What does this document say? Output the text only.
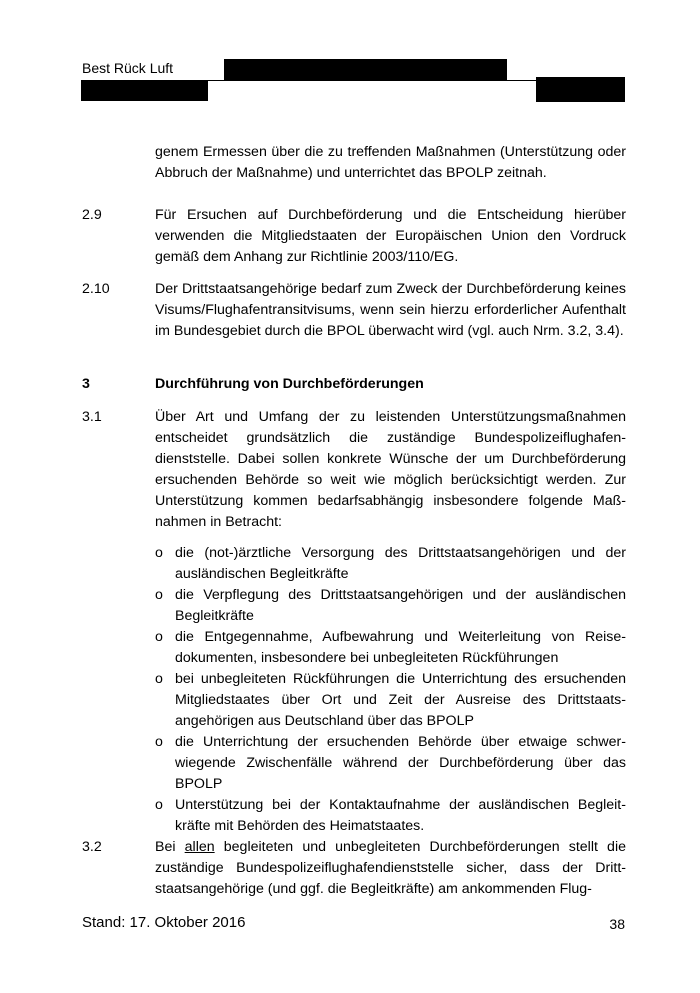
Best Rück Luft
genem Ermessen über die zu treffenden Maßnahmen (Unterstützung oder Abbruch der Maßnahme) und unterrichtet das BPOLP zeitnah.
2.9	Für Ersuchen auf Durchbeförderung und die Entscheidung hierüber verwenden die Mitgliedstaaten der Europäischen Union den Vordruck gemäß dem Anhang zur Richtlinie 2003/110/EG.
2.10	Der Drittstaatsangehörige bedarf zum Zweck der Durchbeförderung keines Visums/Flughafentransitvisums, wenn sein hierzu erforderlicher Aufenthalt im Bundesgebiet durch die BPOL überwacht wird (vgl. auch Nrm. 3.2, 3.4).
3	Durchführung von Durchbeförderungen
3.1	Über Art und Umfang der zu leistenden Unterstützungsmaßnahmen entscheidet grundsätzlich die zuständige Bundespolizeiflughafendienststelle. Dabei sollen konkrete Wünsche der um Durchbeförderung ersuchenden Behörde so weit wie möglich berücksichtigt werden. Zur Unterstützung kommen bedarfsabhängig insbesondere folgende Maßnahmen in Betracht:
o die (not-)ärztliche Versorgung des Drittstaatsangehörigen und der ausländischen Begleitkräfte
o die Verpflegung des Drittstaatsangehörigen und der ausländischen Begleitkräfte
o die Entgegennahme, Aufbewahrung und Weiterleitung von Reisedokumenten, insbesondere bei unbegleiteten Rückführungen
o bei unbegleiteten Rückführungen die Unterrichtung des ersuchenden Mitgliedstaates über Ort und Zeit der Ausreise des Drittstaatsangehörigen aus Deutschland über das BPOLP
o die Unterrichtung der ersuchenden Behörde über etwaige schwerwiegende Zwischenfälle während der Durchbeförderung über das BPOLP
o Unterstützung bei der Kontaktaufnahme der ausländischen Begleitkräfte mit Behörden des Heimatstaates.
3.2	Bei allen begleiteten und unbegleiteten Durchbeförderungen stellt die zuständige Bundespolizeiflughafendienststelle sicher, dass der Drittstaatsangehörige (und ggf. die Begleitkräfte) am ankommenden Flug-
Stand: 17. Oktober 2016	38
